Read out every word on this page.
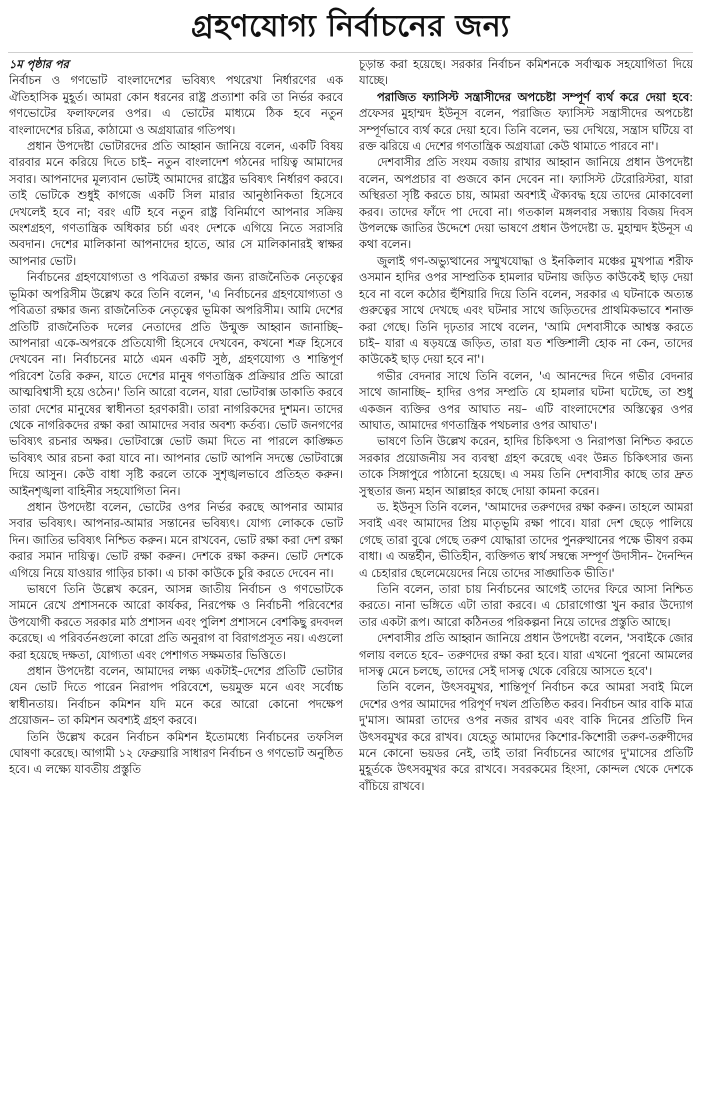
গ্রহণযোগ্য নির্বাচনের জন্য

১ম পৃষ্ঠার পর

নির্বাচন ও গণভোট বাংলাদেশের ভবিষ্যৎ পথরেখা নির্ধারণের এক ঐতিহাসিক মুহূর্ত। আমরা কোন ধরনের রাষ্ট্র প্রত্যাশা করি তা নির্ভর করবে গণভোটের ফলাফলের ওপর। এ ভোটের মাধ্যমে ঠিক হবে নতুন বাংলাদেশের চরিত্র, কাঠামো ও অগ্রযাত্রার গতিপথ।

প্রধান উপদেষ্টা ভোটারদের প্রতি আহ্বান জানিয়ে বলেন, একটি বিষয় বারবার মনে করিয়ে দিতে চাই– নতুন বাংলাদেশ গঠনের দায়িত্ব আমাদের সবার। আপনাদের মূল্যবান ভোটই আমাদের রাষ্ট্রের ভবিষ্যৎ নির্ধারণ করবে। তাই ভোটকে শুধুই কাগজে একটি সিল মারার আনুষ্ঠানিকতা হিসেবে দেখলেই হবে না; বরং এটি হবে নতুন রাষ্ট্র বিনির্মাণে আপনার সক্রিয় অংশগ্রহণ, গণতান্ত্রিক অধিকার চর্চা এবং দেশকে এগিয়ে নিতে সরাসরি অবদান। দেশের মালিকানা আপনাদের হাতে, আর সে মালিকানারই স্বাক্ষর আপনার ভোট।

নির্বাচনের গ্রহণযোগ্যতা ও পবিত্রতা রক্ষার জন্য রাজনৈতিক নেতৃত্বের ভূমিকা অপরিসীম উল্লেখ করে তিনি বলেন, 'এ নির্বাচনের গ্রহণযোগ্যতা ও পবিত্রতা রক্ষার জন্য রাজনৈতিক নেতৃত্বের ভূমিকা অপরিসীম। আমি দেশের প্রতিটি রাজনৈতিক দলের নেতাদের প্রতি উন্মুক্ত আহ্বান জানাচ্ছি– আপনারা একে-অপরকে প্রতিযোগী হিসেবে দেখবেন, কখনো শত্রু হিসেবে দেখবেন না। নির্বাচনের মাঠে এমন একটি সুষ্ঠ, গ্রহণযোগ্য ও শান্তিপূর্ণ পরিবেশ তৈরি করুন, যাতে দেশের মানুষ গণতান্ত্রিক প্রক্রিয়ার প্রতি আরো আত্মবিশ্বাসী হয়ে ওঠেন।' তিনি আরো বলেন, যারা ভোটবাক্স ডাকাতি করবে তারা দেশের মানুষের স্বাধীনতা হরণকারী। তারা নাগরিকদের দুশমন। তাদের থেকে নাগরিকদের রক্ষা করা আমাদের সবার অবশ্য কর্তব্য। ভোট জনগণের ভবিষ্যৎ রচনার অক্ষর। ভোটবাক্সে ভোট জমা দিতে না পারলে কাঙ্ক্ষিত ভবিষ্যৎ আর রচনা করা যাবে না। আপনার ভোট আপনি সদম্ভে ভোটবাক্সে দিয়ে আসুন। কেউ বাধা সৃষ্টি করলে তাকে সুশৃঙ্খলভাবে প্রতিহত করুন। আইনশৃঙ্খলা বাহিনীর সহযোগিতা নিন।

প্রধান উপদেষ্টা বলেন, ভোটের ওপর নির্ভর করছে আপনার আমার সবার ভবিষ্যৎ। আপনার-আমার সন্তানের ভবিষ্যৎ। যোগ্য লোককে ভোট দিন। জাতির ভবিষ্যৎ নিশ্চিত করুন। মনে রাখবেন, ভোট রক্ষা করা দেশ রক্ষা করার সমান দায়িত্ব। ভোট রক্ষা করুন। দেশকে রক্ষা করুন। ভোট দেশকে এগিয়ে নিয়ে যাওয়ার গাড়ির চাকা। এ চাকা কাউকে চুরি করতে দেবেন না।

ভাষণে তিনি উল্লেখ করেন, আসন্ন জাতীয় নির্বাচন ও গণভোটকে সামনে রেখে প্রশাসনকে আরো কার্যকর, নিরপেক্ষ ও নির্বাচনী পরিবেশের উপযোগী করতে সরকার মাঠ প্রশাসন এবং পুলিশ প্রশাসনে বেশকিছু রদবদল করেছে। এ পরিবর্তনগুলো কারো প্রতি অনুরাগ বা বিরাগপ্রসূত নয়। এগুলো করা হয়েছে দক্ষতা, যোগ্যতা এবং পেশাগত সক্ষমতার ভিত্তিতে।

প্রধান উপদেষ্টা বলেন, আমাদের লক্ষ্য একটাই–দেশের প্রতিটি ভোটার যেন ভোট দিতে পারেন নিরাপদ পরিবেশে, ভয়মুক্ত মনে এবং সর্বোচ্চ স্বাধীনতায়। নির্বাচন কমিশন যদি মনে করে আরো কোনো পদক্ষেপ প্রয়োজন– তা কমিশন অবশ্যই গ্রহণ করবে।

তিনি উল্লেখ করেন নির্বাচন কমিশন ইতোমধ্যে নির্বাচনের তফসিল ঘোষণা করেছে। আগামী ১২ ফেব্রুয়ারি সাধারণ নির্বাচন ও গণভোট অনুষ্ঠিত হবে। এ লক্ষ্যে যাবতীয় প্রস্তুতি

চূড়ান্ত করা হয়েছে। সরকার নির্বাচন কমিশনকে সর্বাত্মক সহযোগিতা দিয়ে যাচ্ছে।

পরাজিত ফ্যাসিস্ট সন্ত্রাসীদের অপচেষ্টা সম্পূর্ণ ব্যর্থ করে দেয়া হবে: প্রফেসর মুহাম্মদ ইউনূস বলেন, পরাজিত ফ্যাসিস্ট সন্ত্রাসীদের অপচেষ্টা সম্পূর্ণভাবে ব্যর্থ করে দেয়া হবে। তিনি বলেন, ভয় দেখিয়ে, সন্ত্রাস ঘটিয়ে বা রক্ত ঝরিয়ে এ দেশের গণতান্ত্রিক অগ্রযাত্রা কেউ থামাতে পারবে না'।

দেশবাসীর প্রতি সংযম বজায় রাখার আহ্বান জানিয়ে প্রধান উপদেষ্টা বলেন, অপপ্রচার বা গুজবে কান দেবেন না। ফ্যাসিস্ট টেরোরিস্টরা, যারা অস্থিরতা সৃষ্টি করতে চায়, আমরা অবশ্যই ঐক্যবদ্ধ হয়ে তাদের মোকাবেলা করব। তাদের ফাঁদে পা দেবো না। গতকাল মঙ্গলবার সন্ধ্যায় বিজয় দিবস উপলক্ষে জাতির উদ্দেশে দেয়া ভাষণে প্রধান উপদেষ্টা ড. মুহাম্মদ ইউনূস এ কথা বলেন।

জুলাই গণ-অভ্যুত্থানের সম্মুখযোদ্ধা ও ইনকিলাব মঞ্চের মুখপাত্র শরীফ ওসমান হাদির ওপর সাম্প্রতিক হামলার ঘটনায় জড়িত কাউকেই ছাড় দেয়া হবে না বলে কঠোর হুঁশিয়ারি দিয়ে তিনি বলেন, সরকার এ ঘটনাকে অত্যন্ত গুরুত্বের সাথে দেখছে এবং ঘটনার সাথে জড়িতদের প্রাথমিকভাবে শনাক্ত করা গেছে। তিনি দৃঢ়তার সাথে বলেন, 'আমি দেশবাসীকে আশ্বস্ত করতে চাই– যারা এ ষড়যন্ত্রে জড়িত, তারা যত শক্তিশালী হোক না কেন, তাদের কাউকেই ছাড় দেয়া হবে না'।

গভীর বেদনার সাথে তিনি বলেন, 'এ আনন্দের দিনে গভীর বেদনার সাথে জানাচ্ছি– হাদির ওপর সম্প্রতি যে হামলার ঘটনা ঘটেছে, তা শুধু একজন ব্যক্তির ওপর আঘাত নয়– এটি বাংলাদেশের অস্তিত্বের ওপর আঘাত, আমাদের গণতান্ত্রিক পথচলার ওপর আঘাত'।

ভাষণে তিনি উল্লেখ করেন, হাদির চিকিৎসা ও নিরাপত্তা নিশ্চিত করতে সরকার প্রয়োজনীয় সব ব্যবস্থা গ্রহণ করেছে এবং উন্নত চিকিৎসার জন্য তাকে সিঙ্গাপুরে পাঠানো হয়েছে। এ সময় তিনি দেশবাসীর কাছে তার দ্রুত সুস্থতার জন্য মহান আল্লাহর কাছে দোয়া কামনা করেন।

ড. ইউনূস তিনি বলেন, 'আমাদের তরুণদের রক্ষা করুন। তাহলে আমরা সবাই এবং আমাদের প্রিয় মাতৃভূমি রক্ষা পাবে। যারা দেশ ছেড়ে পালিয়ে গেছে তারা বুঝে গেছে তরুণ যোদ্ধারা তাদের পুনরুত্থানের পক্ষে ভীষণ রকম বাধা। এ অন্তর্হীন, ভীতিহীন, ব্যক্তিগত স্বার্থ সম্বন্ধে সম্পূর্ণ উদাসীন– দৈনন্দিন এ চেহারার ছেলেমেয়েদের নিয়ে তাদের সাঙ্ঘাতিক ভীতি।'

তিনি বলেন, তারা চায় নির্বাচনের আগেই তাদের ফিরে আসা নিশ্চিত করতে। নানা ভঙ্গিতে এটা তারা করবে। এ চোরাগোপ্তা খুন করার উদ্যোগ তার একটা রূপ। আরো কঠিনতর পরিকল্পনা নিয়ে তাদের প্রস্তুতি আছে।

দেশবাসীর প্রতি আহ্বান জানিয়ে প্রধান উপদেষ্টা বলেন, 'সবাইকে জোর গলায় বলতে হবে– তরুণদের রক্ষা করা হবে। যারা এখনো পুরনো আমলের দাসত্ব মেনে চলছে, তাদের সেই দাসত্ব থেকে বেরিয়ে আসতে হবে'।

তিনি বলেন, উৎসবমুখর, শান্তিপূর্ণ নির্বাচন করে আমরা সবাই মিলে দেশের ওপর আমাদের পরিপূর্ণ দখল প্রতিষ্ঠিত করব। নির্বাচন আর বাকি মাত্র দু'মাস। আমরা তাদের ওপর নজর রাখব এবং বাকি দিনের প্রতিটি দিন উৎসবমুখর করে রাখব। যেহেতু আমাদের কিশোর-কিশোরী তরুণ-তরুণীদের মনে কোনো ভয়ডর নেই, তাই তারা নির্বাচনের আগের দু'মাসের প্রতিটি মুহূর্তকে উৎসবমুখর করে রাখবে। সবরকমের হিংসা, কোন্দল থেকে দেশকে বাঁচিয়ে রাখবে।
